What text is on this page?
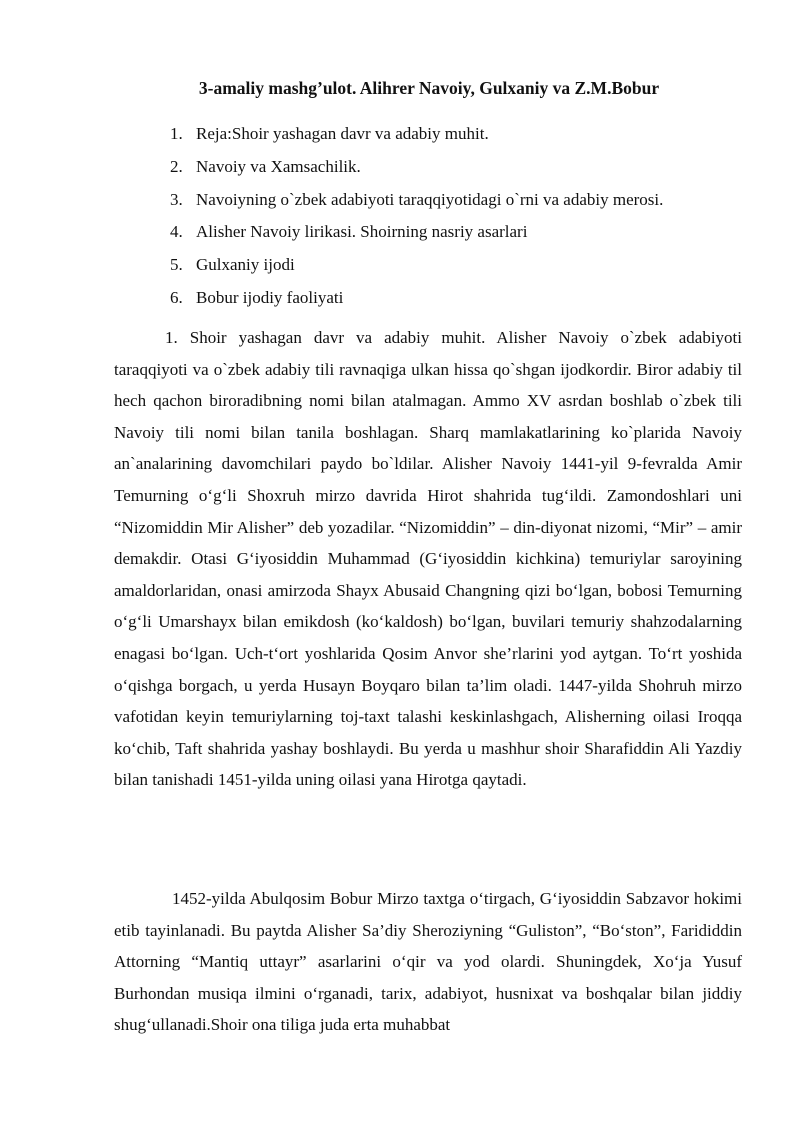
3-amaliy mashg’ulot. Alihrer Navoiy, Gulxaniy va Z.M.Bobur
1. Reja:Shoir yashagan davr va adabiy muhit.
2. Navoiy va Xamsachilik.
3. Navoiyning o`zbek adabiyoti taraqqiyotidagi o`rni va adabiy merosi.
4. Alisher Navoiy lirikasi. Shoirning nasriy asarlari
5. Gulxaniy ijodi
6. Bobur ijodiy faoliyati

1. Shoir yashagan davr va adabiy muhit. Alisher Navoiy o`zbek adabiyoti taraqqiyoti va o`zbek adabiy tili ravnaqiga ulkan hissa qo`shgan ijodkordir. Biror adabiy til hech qachon biroradibning nomi bilan atalmagan. Ammo XV asrdan boshlab o`zbek tili Navoiy tili nomi bilan tanila boshlagan. Sharq mamlakatlarining ko`plarida Navoiy an`analarining davomchilari paydo bo`ldilar. Alisher Navoiy 1441-yil 9-fevralda Amir Temurning o‘g‘li Shoxruh mirzo davrida Hirot shahrida tug‘ildi. Zamondoshlari uni “Nizomiddin Mir Alisher” deb yozadilar. “Nizomiddin” – din-diyonat nizomi, “Mir” – amir demakdir. Otasi G‘iyosiddin Muhammad (G‘iyosiddin kichkina) temuriylar saroyining amaldorlaridan, onasi amirzoda Shayx Abusaid Changning qizi bo‘lgan, bobosi Temurning o‘g‘li Umarshayx bilan emikdosh (ko‘kaldosh) bo‘lgan, buvilari temuriy shahzodalarning enagasi bo‘lgan. Uch-t‘ort yoshlarida Qosim Anvor she’rlarini yod aytgan. To‘rt yoshida o‘qishga borgach, u yerda Husayn Boyqaro bilan ta’lim oladi. 1447-yilda Shohruh mirzo vafotidan keyin temuriylarning toj-taxt talashi keskinlashgach, Alisherning oilasi Iroqqa ko‘chib, Taft shahrida yashay boshlaydi. Bu yerda u mashhur shoir Sharafiddin Ali Yazdiy bilan tanishadi 1451-yilda uning oilasi yana Hirotga qaytadi.

1452-yilda Abulqosim Bobur Mirzo taxtga o‘tirgach, G‘iyosiddin Sabzavor hokimi etib tayinlanadi. Bu paytda Alisher Sa’diy Sheroziyning “Guliston”, “Bo‘ston”, Farididdin Attorning “Mantiq uttayr” asarlarini o‘qir va yod olardi. Shuningdek, Xo‘ja Yusuf Burhondan musiqa ilmini o‘rganadi, tarix, adabiyot, husnixat va boshqalar bilan jiddiy shug‘ullanadi.Shoir ona tiliga juda erta muhabbat
